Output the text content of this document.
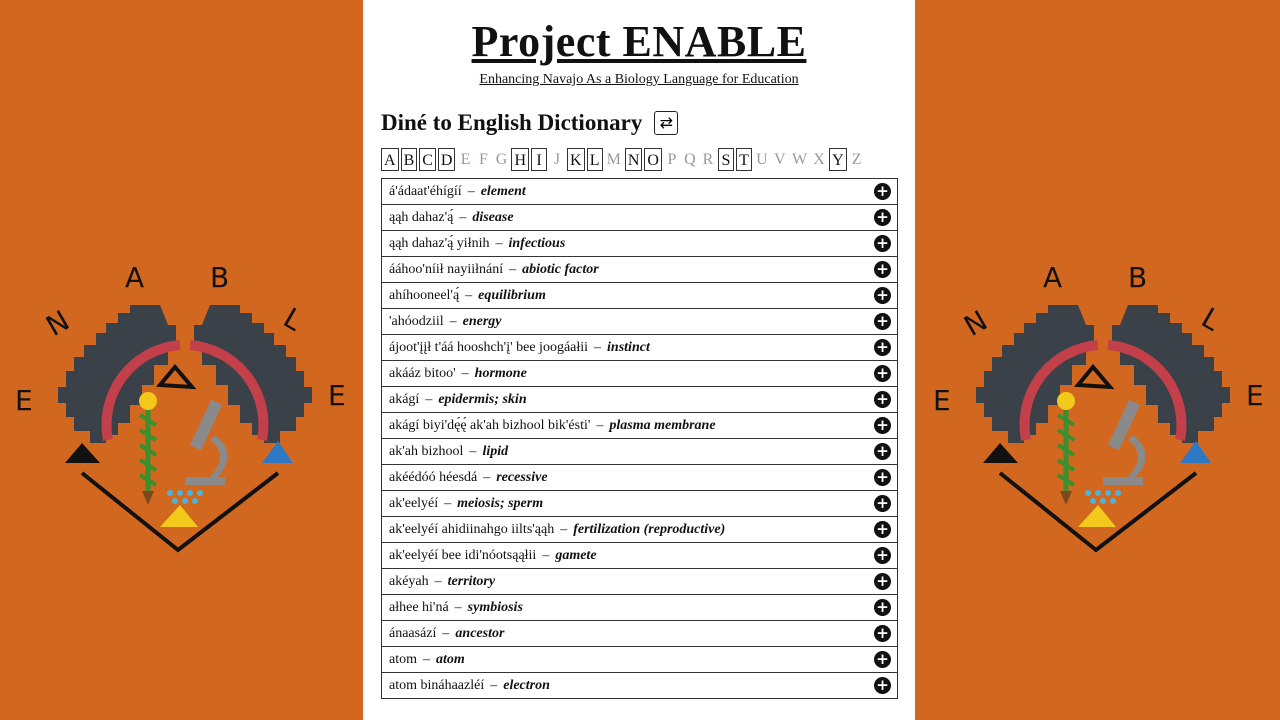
E
N
A B
L
E	E
N
A B
L
E
Project ENABLE
Enhancing Navajo As a Biology Language for Education
Diné to English Dictionary ⇄
A B C D E F G H I J K L M N O P Q R S T U V W X Y Z
á'ádaat'éhígíí – element	+
ąąh dahaz'ą́ – disease	+
ąąh dahaz'ą́ yiłnih – infectious	+
ááhoo'níił nayiiłnání – abiotic factor	+
ahíhooneel'ą́ – equilibrium	+
'ahóodziil – energy	+
ájoot'įįł t'áá hooshch'į' bee joogáałii – instinct	+
akááz bitoo' – hormone	+
akágí – epidermis; skin	+
akágí biyi'dę́ę́ ak'ah bizhool bik'ésti' – plasma membrane	+
ak'ah bizhool – lipid	+
akéédóó héesdá – recessive	+
ak'eelyéí – meiosis; sperm	+
ak'eelyéí ahidiinahgo iilts'ąąh – fertilization (reproductive)	+
ak'eelyéí bee idi'nóotsąąłii – gamete	+
akéyah – territory	+
ałhee hi'ná – symbiosis	+
ánaasází – ancestor	+
atom – atom	+
atom bináhaazléí – electron	+
